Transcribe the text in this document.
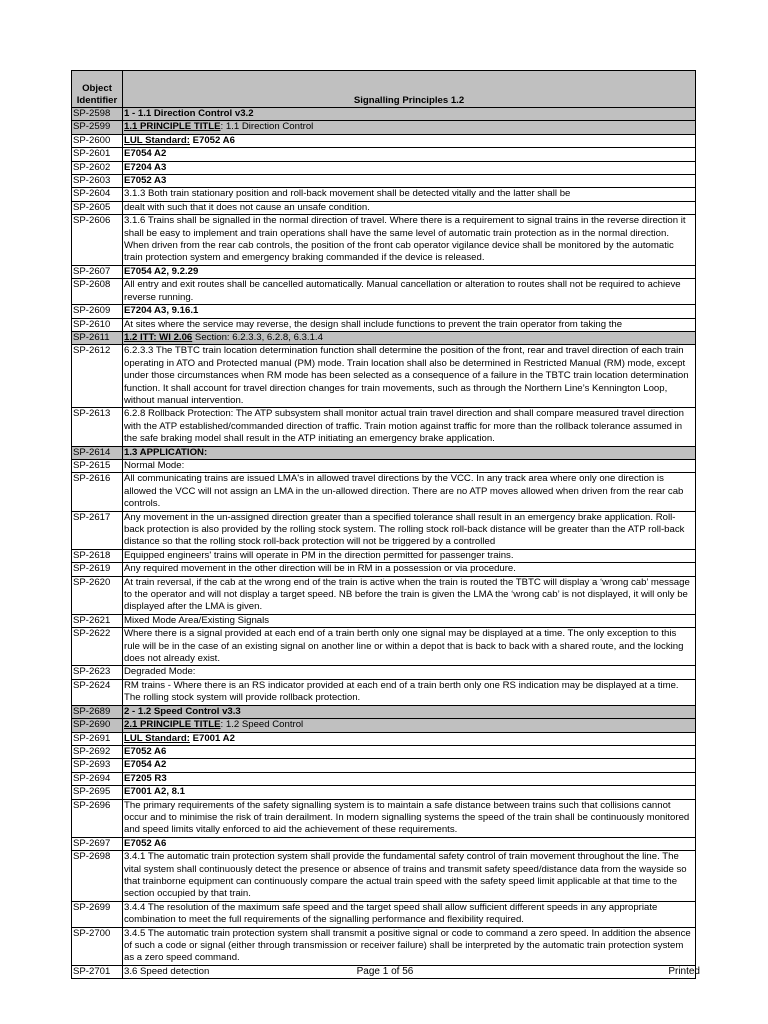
Object Identifier	Signalling Principles 1.2
SP-2598	1 - 1.1 Direction Control v3.2
SP-2599	1.1 PRINCIPLE TITLE: 1.1 Direction Control
SP-2600	LUL Standard: E7052 A6
SP-2601	E7054 A2
SP-2602	E7204 A3
SP-2603	E7052 A3
SP-2604	3.1.3 Both train stationary position and roll-back movement shall be detected vitally and the latter shall be
SP-2605	dealt with such that it does not cause an unsafe condition.
SP-2606	3.1.6 Trains shall be signalled in the normal direction of travel. Where there is a requirement to signal trains in the reverse direction it shall be easy to implement and train operations shall have the same level of automatic train protection as in the normal direction. When driven from the rear cab controls, the position of the front cab operator vigilance device shall be monitored by the automatic train protection system and emergency braking commanded if the device is released.
SP-2607	E7054 A2, 9.2.29
SP-2608	All entry and exit routes shall be cancelled automatically. Manual cancellation or alteration to routes shall not be required to achieve reverse running.
SP-2609	E7204 A3, 9.16.1
SP-2610	At sites where the service may reverse, the design shall include functions to prevent the train operator from taking the
SP-2611	1.2 ITT: WI 2.06 Section: 6.2.3.3, 6.2.8, 6.3.1.4
SP-2612	6.2.3.3 The TBTC train location determination function shall determine the position of the front, rear and travel direction of each train operating in ATO and Protected manual (PM) mode. Train location shall also be determined in Restricted Manual (RM) mode, except under those circumstances when RM mode has been selected as a consequence of a failure in the TBTC train location determination function. It shall account for travel direction changes for train movements, such as through the Northern Line’s Kennington Loop, without manual intervention.
SP-2613	6.2.8 Rollback Protection: The ATP subsystem shall monitor actual train travel direction and shall compare measured travel direction with the ATP established/commanded direction of traffic. Train motion against traffic for more than the rollback tolerance assumed in the safe braking model shall result in the ATP initiating an emergency brake application.
SP-2614	1.3 APPLICATION:
SP-2615	Normal Mode:
SP-2616	All communicating trains are issued LMA's in allowed travel directions by the VCC. In any track area where only one direction is allowed the VCC will not assign an LMA in the un-allowed direction. There are no ATP moves allowed when driven from the rear cab controls.
SP-2617	Any movement in the un-assigned direction greater than a specified tolerance shall result in an emergency brake application. Roll-back protection is also provided by the rolling stock system. The rolling stock roll-back distance will be greater than the ATP roll-back distance so that the rolling stock roll-back protection will not be triggered by a controlled
SP-2618	Equipped engineers' trains will operate in PM in the direction permitted for passenger trains.
SP-2619	Any required movement in the other direction will be in RM in a possession or via procedure.
SP-2620	At train reversal, if the cab at the wrong end of the train is active when the train is routed the TBTC will display a ‘wrong cab’ message to the operator and will not display a target speed. NB before the train is given the LMA the ‘wrong cab’ is not displayed, it will only be displayed after the LMA is given.
SP-2621	Mixed Mode Area/Existing Signals
SP-2622	Where there is a signal provided at each end of a train berth only one signal may be displayed at a time. The only exception to this rule will be in the case of an existing signal on another line or within a depot that is back to back with a shared route, and the locking does not already exist.
SP-2623	Degraded Mode:
SP-2624	RM trains - Where there is an RS indicator provided at each end of a train berth only one RS indication may be displayed at a time. The rolling stock system will provide rollback protection.
SP-2689	2 - 1.2 Speed Control v3.3
SP-2690	2.1 PRINCIPLE TITLE: 1.2 Speed Control
SP-2691	LUL Standard: E7001 A2
SP-2692	E7052 A6
SP-2693	E7054 A2
SP-2694	E7205 R3
SP-2695	E7001 A2, 8.1
SP-2696	The primary requirements of the safety signalling system is to maintain a safe distance between trains such that collisions cannot occur and to minimise the risk of train derailment. In modern signalling systems the speed of the train shall be continuously monitored and speed limits vitally enforced to aid the achievement of these requirements.
SP-2697	E7052 A6
SP-2698	3.4.1 The automatic train protection system shall provide the fundamental safety control of train movement throughout the line. The vital system shall continuously detect the presence or absence of trains and transmit safety speed/distance data from the wayside so that trainborne equipment can continuously compare the actual train speed with the safety speed limit applicable at that time to the section occupied by that train.
SP-2699	3.4.4 The resolution of the maximum safe speed and the target speed shall allow sufficient different speeds in any appropriate combination to meet the full requirements of the signalling performance and flexibility required.
SP-2700	3.4.5 The automatic train protection system shall transmit a positive signal or code to command a zero speed. In addition the absence of such a code or signal (either through transmission or receiver failure) shall be interpreted by the automatic train protection system as a zero speed command.
SP-2701	3.6 Speed detection	Page 1 of 56	Printed
